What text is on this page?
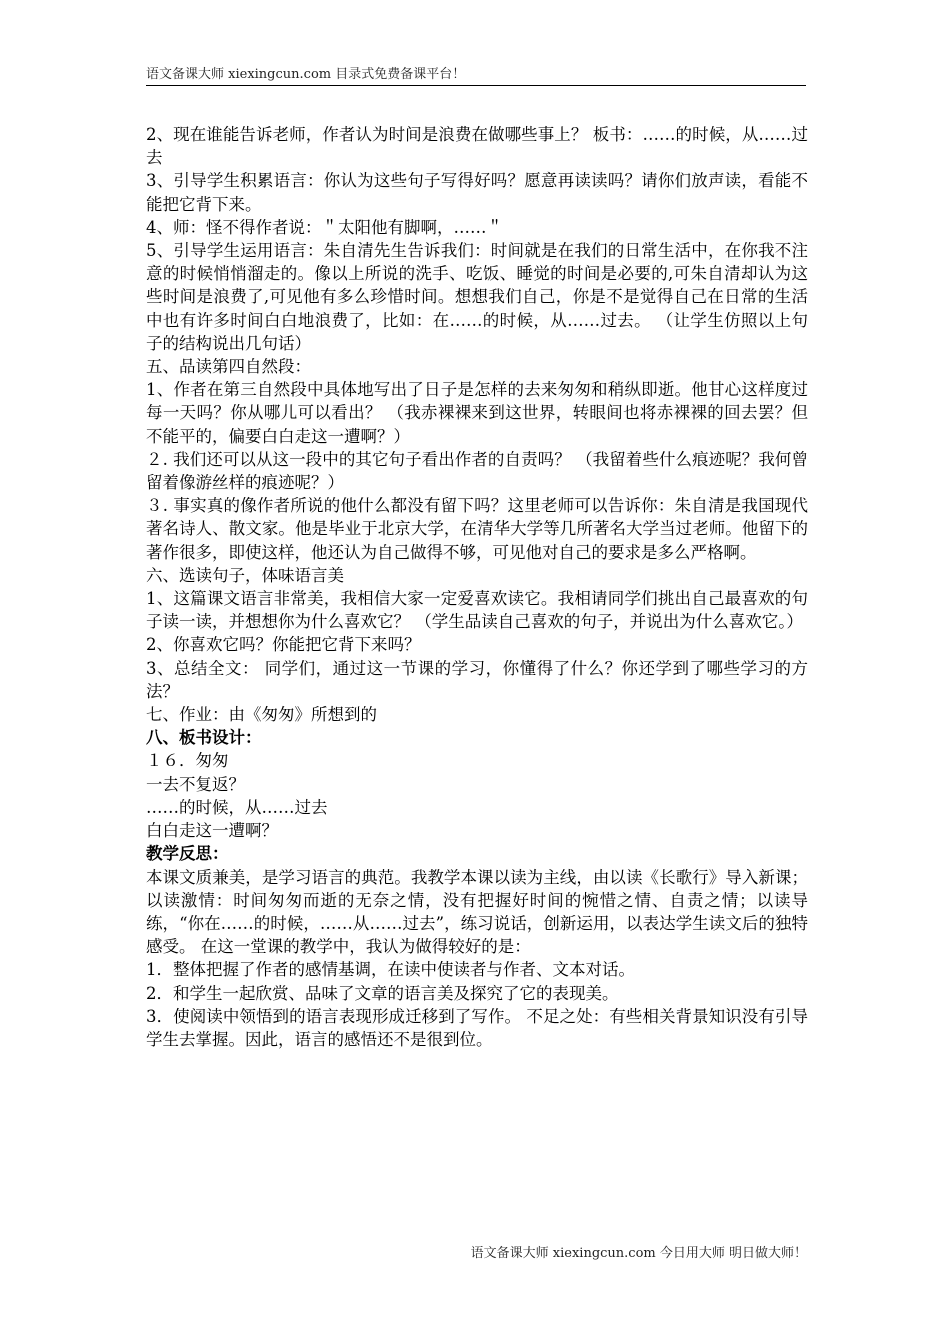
语文备课大师 xiexingcun.com 目录式免费备课平台！

2、现在谁能告诉老师，作者认为时间是浪费在做哪些事上？ 板书：……的时候，从……过去

3、引导学生积累语言：你认为这些句子写得好吗？愿意再读读吗？请你们放声读，看能不能把它背下来。

4、师：怪不得作者说：＂太阳他有脚啊，……＂

5、引导学生运用语言：朱自清先生告诉我们：时间就是在我们的日常生活中，在你我不注意的时候悄悄溜走的。像以上所说的洗手、吃饭、睡觉的时间是必要的,可朱自清却认为这些时间是浪费了,可见他有多么珍惜时间。想想我们自己，你是不是觉得自己在日常的生活中也有许多时间白白地浪费了，比如：在……的时候，从……过去。 （让学生仿照以上句子的结构说出几句话）

五、品读第四自然段：

1、作者在第三自然段中具体地写出了日子是怎样的去来匆匆和稍纵即逝。他甘心这样度过每一天吗？你从哪儿可以看出？ （我赤裸裸来到这世界，转眼间也将赤裸裸的回去罢？但不能平的，偏要白白走这一遭啊？）

２. 我们还可以从这一段中的其它句子看出作者的自责吗？ （我留着些什么痕迹呢？我何曾留着像游丝样的痕迹呢？）

３. 事实真的像作者所说的他什么都没有留下吗？这里老师可以告诉你：朱自清是我国现代著名诗人、散文家。他是毕业于北京大学，在清华大学等几所著名大学当过老师。他留下的著作很多，即使这样，他还认为自己做得不够，可见他对自己的要求是多么严格啊。

六、选读句子，体味语言美

1、这篇课文语言非常美，我相信大家一定爱喜欢读它。我相请同学们挑出自己最喜欢的句子读一读，并想想你为什么喜欢它？ （学生品读自己喜欢的句子，并说出为什么喜欢它。）

2、你喜欢它吗？你能把它背下来吗？

3、总结全文： 同学们，通过这一节课的学习，你懂得了什么？你还学到了哪些学习的方法？

七、作业：由《匆匆》所想到的

八、板书设计：

１６．匆匆

一去不复返？

……的时候，从……过去

白白走这一遭啊？

教学反思：

本课文质兼美，是学习语言的典范。我教学本课以读为主线，由以读《长歌行》导入新课；以读激情：时间匆匆而逝的无奈之情，没有把握好时间的惋惜之情、自责之情；以读导练，“你在……的时候，……从……过去”，练习说话，创新运用，以表达学生读文后的独特感受。 在这一堂课的教学中，我认为做得较好的是：

1．整体把握了作者的感情基调，在读中使读者与作者、文本对话。

2．和学生一起欣赏、品味了文章的语言美及探究了它的表现美。

3．使阅读中领悟到的语言表现形成迁移到了写作。 不足之处：有些相关背景知识没有引导学生去掌握。因此，语言的感悟还不是很到位。

语文备课大师 xiexingcun.com 今日用大师 明日做大师！
